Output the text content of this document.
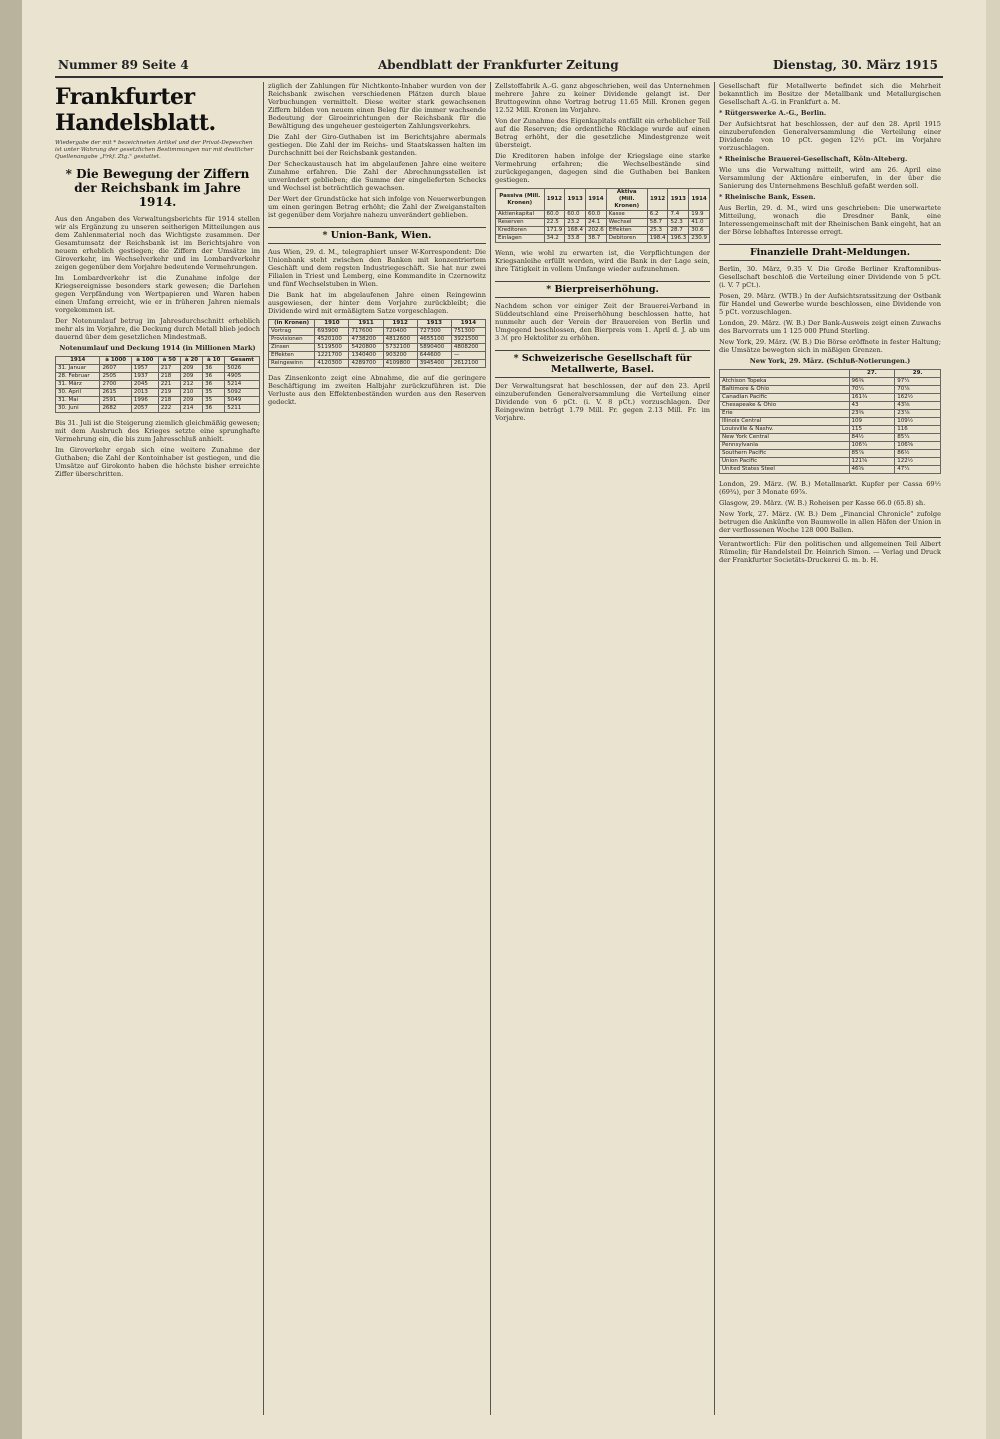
Nummer 89 Seite 4	Abendblatt der Frankfurter Zeitung	Dienstag, 30. März 1915
Frankfurter Handelsblatt.
Wiedergabe der mit * bezeichneten Artikel und der Privat-Depeschen ist unter Wahrung der gesetzlichen Bestimmungen nur mit deutlicher Quellenangabe „Frkf. Ztg." gestattet.
* Die Bewegung der Ziffern der Reichsbank im Jahre 1914.

Aus den Angaben des Verwaltungsberichts für 1914 stellen wir als Ergänzung zu unseren seitherigen Mitteilungen aus dem Zahlenmaterial noch das Wichtigste zusammen. Der Gesamtumsatz der Reichsbank ist im Berichtsjahre von neuem erheblich gestiegen; die Ziffern der Umsätze im Giroverkehr, im Wechselverkehr und im Lombardverkehr zeigen gegenüber dem Vorjahre bedeutende Vermehrungen.

Im Lombardverkehr ist die Zunahme infolge der Kriegsereignisse besonders stark gewesen; die Darlehen gegen Verpfändung von Wertpapieren und Waren haben einen Umfang erreicht, wie er in früheren Jahren niemals vorgekommen ist.

Der Notenumlauf betrug im Jahresdurchschnitt erheblich mehr als im Vorjahre, die Deckung durch Metall blieb jedoch dauernd über dem gesetzlichen Mindestmaß.

Notenumlauf und Deckung 1914 (in Millionen Mark)

1914	à 1000	à 100	à 50	à 20	à 10	Gesamt
31. Januar	2607	1957	217	209	36	5026
28. Februar	2505	1937	218	209	36	4905
31. März	2700	2045	221	212	36	5214
30. April	2615	2013	219	210	35	5092
31. Mai	2591	1996	218	209	35	5049
30. Juni	2682	2057	222	214	36	5211

Bis 31. Juli ist die Steigerung ziemlich gleichmäßig gewesen; mit dem Ausbruch des Krieges setzte eine sprunghafte Vermehrung ein, die bis zum Jahresschluß anhielt.

Im Giroverkehr ergab sich eine weitere Zunahme der Guthaben; die Zahl der Kontoinhaber ist gestiegen, und die Umsätze auf Girokonto haben die höchste bisher erreichte Ziffer überschritten.

züglich der Zahlungen für Nichtkonto-Inhaber wurden von der Reichsbank zwischen verschiedenen Plätzen durch blaue Verbuchungen vermittelt. Diese weiter stark gewachsenen Ziffern bilden von neuem einen Beleg für die immer wachsende Bedeutung der Giroeinrichtungen der Reichsbank für die Bewältigung des ungeheuer gesteigerten Zahlungsverkehrs.

Die Zahl der Giro-Guthaben ist im Berichtsjahre abermals gestiegen. Die Zahl der im Reichs- und Staatskassen halten im Durchschnitt bei der Reichsbank gestanden.

Der Scheckaustausch hat im abgelaufenen Jahre eine weitere Zunahme erfahren. Die Zahl der Abrechnungsstellen ist unverändert geblieben; die Summe der eingelieferten Schecks und Wechsel ist beträchtlich gewachsen.

Der Wert der Grundstücke hat sich infolge von Neuerwerbungen um einen geringen Betrag erhöht; die Zahl der Zweiganstalten ist gegenüber dem Vorjahre nahezu unverändert geblieben.

* Union-Bank, Wien.

Aus Wien, 29. d. M., telegraphiert unser W-Korrespondent: Die Unionbank steht zwischen den Banken mit konzentriertem Geschäft und dem regsten Industriegeschäft. Sie hat nur zwei Filialen in Triest und Lemberg, eine Kommandite in Czernowitz und fünf Wechselstuben in Wien.

Die Bank hat im abgelaufenen Jahre einen Reingewinn ausgewiesen, der hinter dem Vorjahre zurückbleibt; die Dividende wird mit ermäßigtem Satze vorgeschlagen.

(in Kronen)	1910	1911	1912	1913	1914
Vortrag	693900	717600	720400	727300	751300
Provisionen	4520100	4738200	4812600	4655100	3921500
Zinsen	5119500	5420800	5732100	5890400	4808200
Effekten	1221700	1340400	903200	644600	—
Reingewinn	4120300	4289700	4109800	3945400	2612100

Das Zinsenkonto zeigt eine Abnahme, die auf die geringere Beschäftigung im zweiten Halbjahr zurückzuführen ist. Die Verluste aus den Effektenbeständen wurden aus den Reserven gedeckt.

Zellstoffabrik A.-G. ganz abgeschrieben, weil das Unternehmen mehrere Jahre zu keiner Dividende gelangt ist. Der Bruttogewinn ohne Vortrag betrug 11.65 Mill. Kronen gegen 12.52 Mill. Kronen im Vorjahre.

Von der Zunahme des Eigenkapitals entfällt ein erheblicher Teil auf die Reserven; die ordentliche Rücklage wurde auf einen Betrag erhöht, der die gesetzliche Mindestgrenze weit übersteigt.

Die Kreditoren haben infolge der Kriegslage eine starke Vermehrung erfahren; die Wechselbestände sind zurückgegangen, dagegen sind die Guthaben bei Banken gestiegen.

Passiva (Mill. Kronen)	1912	1913	1914	Aktiva (Mill. Kronen)	1912	1913	1914
Aktienkapital	60.0	60.0	60.0	Kasse	6.2	7.4	19.9
Reserven	22.5	23.2	24.1	Wechsel	58.7	52.3	41.0
Kreditoren	171.9	168.4	202.6	Effekten	25.3	28.7	30.6
Einlagen	34.2	33.8	38.7	Debitoren	198.4	196.3	230.9

Wenn, wie wohl zu erwarten ist, die Verpflichtungen der Kriegsanleihe erfüllt werden, wird die Bank in der Lage sein, ihre Tätigkeit in vollem Umfange wieder aufzunehmen.

* Bierpreiserhöhung.

Nachdem schon vor einiger Zeit der Brauerei-Verband in Süddeutschland eine Preiserhöhung beschlossen hatte, hat nunmehr auch der Verein der Brauereien von Berlin und Umgegend beschlossen, den Bierpreis vom 1. April d. J. ab um 3 ℳ pro Hektoliter zu erhöhen.

* Schweizerische Gesellschaft für Metallwerte, Basel.

Der Verwaltungsrat hat beschlossen, der auf den 23. April einzuberufenden Generalversammlung die Verteilung einer Dividende von 6 pCt. (i. V. 8 pCt.) vorzuschlagen. Der Reingewinn beträgt 1.79 Mill. Fr. gegen 2.13 Mill. Fr. im Vorjahre.

Gesellschaft für Metallwerte befindet sich die Mehrheit bekanntlich im Besitze der Metallbank und Metallurgischen Gesellschaft A.-G. in Frankfurt a. M.

* Rütgerswerke A.-G., Berlin.

Der Aufsichtsrat hat beschlossen, der auf den 28. April 1915 einzuberufenden Generalversammlung die Verteilung einer Dividende von 10 pCt. gegen 12½ pCt. im Vorjahre vorzuschlagen.

* Rheinische Brauerei-Gesellschaft, Köln-Alteberg.

Wie uns die Verwaltung mitteilt, wird am 26. April eine Versammlung der Aktionäre einberufen, in der über die Sanierung des Unternehmens Beschluß gefaßt werden soll.

* Rheinische Bank, Essen.

Aus Berlin, 29. d. M., wird uns geschrieben: Die unerwartete Mitteilung, wonach die Dresdner Bank, eine Interessengemeinschaft mit der Rheinischen Bank eingeht, hat an der Börse lebhaftes Interesse erregt.

Finanzielle Draht-Meldungen.

Berlin, 30. März, 9.35 V. Die Große Berliner Kraftomnibus-Gesellschaft beschloß die Verteilung einer Dividende von 5 pCt. (i. V. 7 pCt.).

Posen, 29. März. (WTB.) In der Aufsichtsratssitzung der Ostbank für Handel und Gewerbe wurde beschlossen, eine Dividende von 5 pCt. vorzuschlagen.

London, 29. März. (W. B.) Der Bank-Ausweis zeigt einen Zuwachs des Barvorrats um 1 125 000 Pfund Sterling.

New York, 29. März. (W. B.) Die Börse eröffnete in fester Haltung; die Umsätze bewegten sich in mäßigen Grenzen.

New York, 29. März. (Schluß-Notierungen.)

	27.	29.
Atchison Topeka	96⅜	97¼
Baltimore & Ohio	70¼	70⅞
Canadian Pacific	161¾	162½
Chesapeake & Ohio	43	43⅝
Erie	23⅜	23⅞
Illinois Central	109	109½
Louisville & Nashv.	115	116
New York Central	84½	85¼
Pennsylvania	106¼	106⅝
Southern Pacific	85⅞	86½
Union Pacific	121⅝	122½
United States Steel	46⅝	47¼

London, 29. März. (W. B.) Metallmarkt. Kupfer per Cassa 69½ (69¾), per 3 Monate 69⅞.

Glasgow, 29. März. (W. B.) Roheisen per Kasse 66.0 (65.8) sh.

New York, 27. März. (W. B.) Dem „Financial Chronicle" zufolge betrugen die Ankünfte von Baumwolle in allen Häfen der Union in der verflossenen Woche 128 000 Ballen.

Verantwortlich: Für den politischen und allgemeinen Teil Albert Rümelin; für Handelsteil Dr. Heinrich Simon. — Verlag und Druck der Frankfurter Societäts-Druckerei G. m. b. H.
